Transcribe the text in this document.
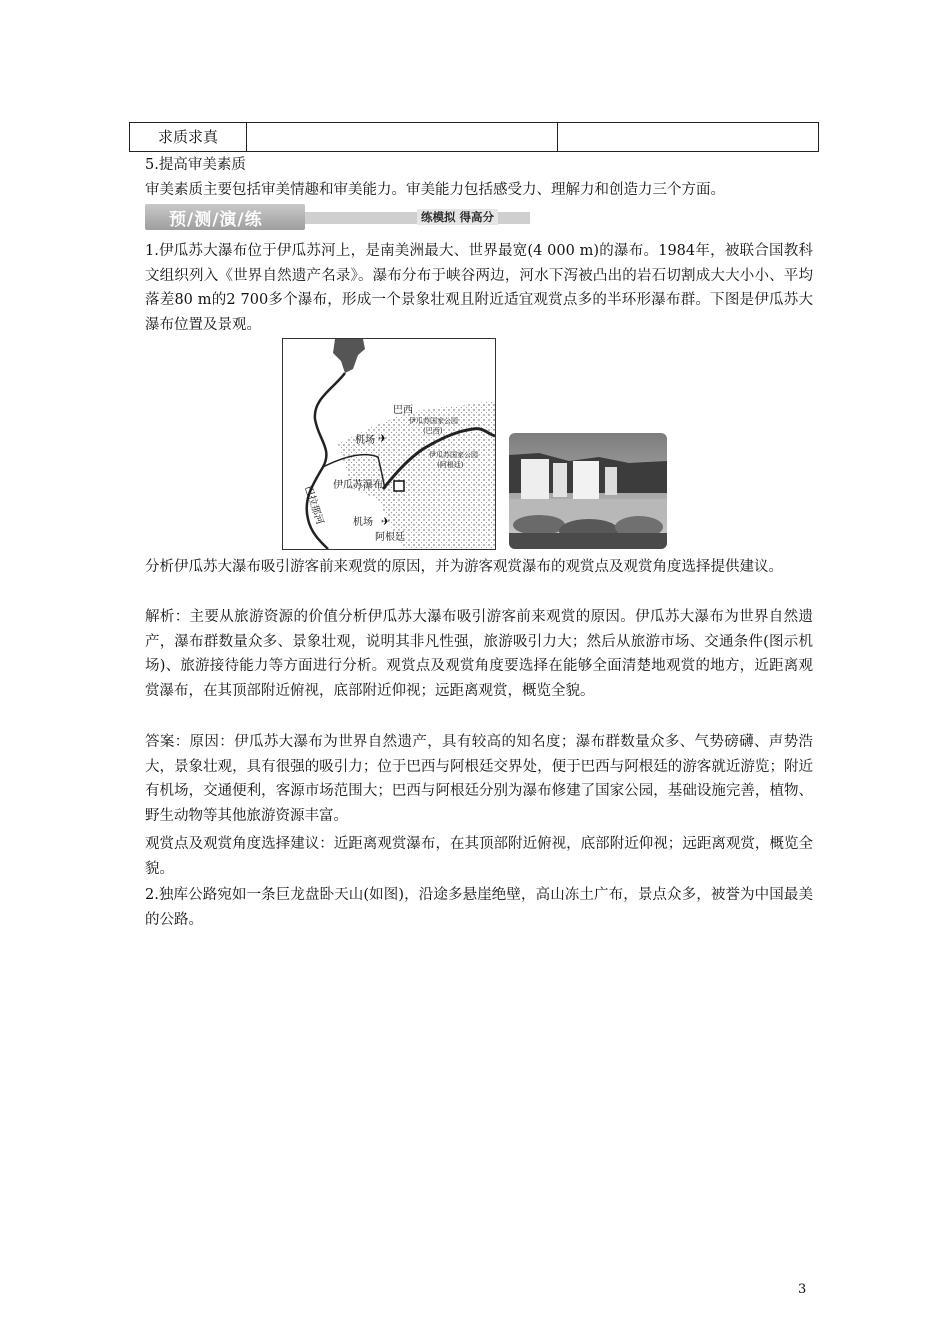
求质求真
5.提高审美素质
审美素质主要包括审美情趣和审美能力。审美能力包括感受力、理解力和创造力三个方面。
预/测/演/练	练模拟 得高分
1.伊瓜苏大瀑布位于伊瓜苏河上，是南美洲最大、世界最宽(4 000 m)的瀑布。1984年，被联合国教科文组织列入《世界自然遗产名录》。瀑布分布于峡谷两边，河水下泻被凸出的岩石切割成大大小小、平均落差80 m的2 700多个瀑布，形成一个景象壮观且附近适宜观赏点多的半环形瀑布群。下图是伊瓜苏大瀑布位置及景观。
✈
✈
巴西
伊瓜苏国家公园
(巴西)
机场
伊瓜苏国家公园
(阿根廷)
伊瓜苏瀑布
巴拉那河	机场
阿根廷
分析伊瓜苏大瀑布吸引游客前来观赏的原因，并为游客观赏瀑布的观赏点及观赏角度选择提供建议。
解析：主要从旅游资源的价值分析伊瓜苏大瀑布吸引游客前来观赏的原因。伊瓜苏大瀑布为世界自然遗产，瀑布群数量众多、景象壮观，说明其非凡性强，旅游吸引力大；然后从旅游市场、交通条件(图示机场)、旅游接待能力等方面进行分析。观赏点及观赏角度要选择在能够全面清楚地观赏的地方，近距离观赏瀑布，在其顶部附近俯视，底部附近仰视；远距离观赏，概览全貌。
答案：原因：伊瓜苏大瀑布为世界自然遗产，具有较高的知名度；瀑布群数量众多、气势磅礴、声势浩大，景象壮观，具有很强的吸引力；位于巴西与阿根廷交界处，便于巴西与阿根廷的游客就近游览；附近有机场，交通便利，客源市场范围大；巴西与阿根廷分别为瀑布修建了国家公园，基础设施完善，植物、野生动物等其他旅游资源丰富。
观赏点及观赏角度选择建议：近距离观赏瀑布，在其顶部附近俯视，底部附近仰视；远距离观赏，概览全貌。
2.独库公路宛如一条巨龙盘卧天山(如图)，沿途多悬崖绝壁，高山冻土广布，景点众多，被誉为中国最美的公路。
3
